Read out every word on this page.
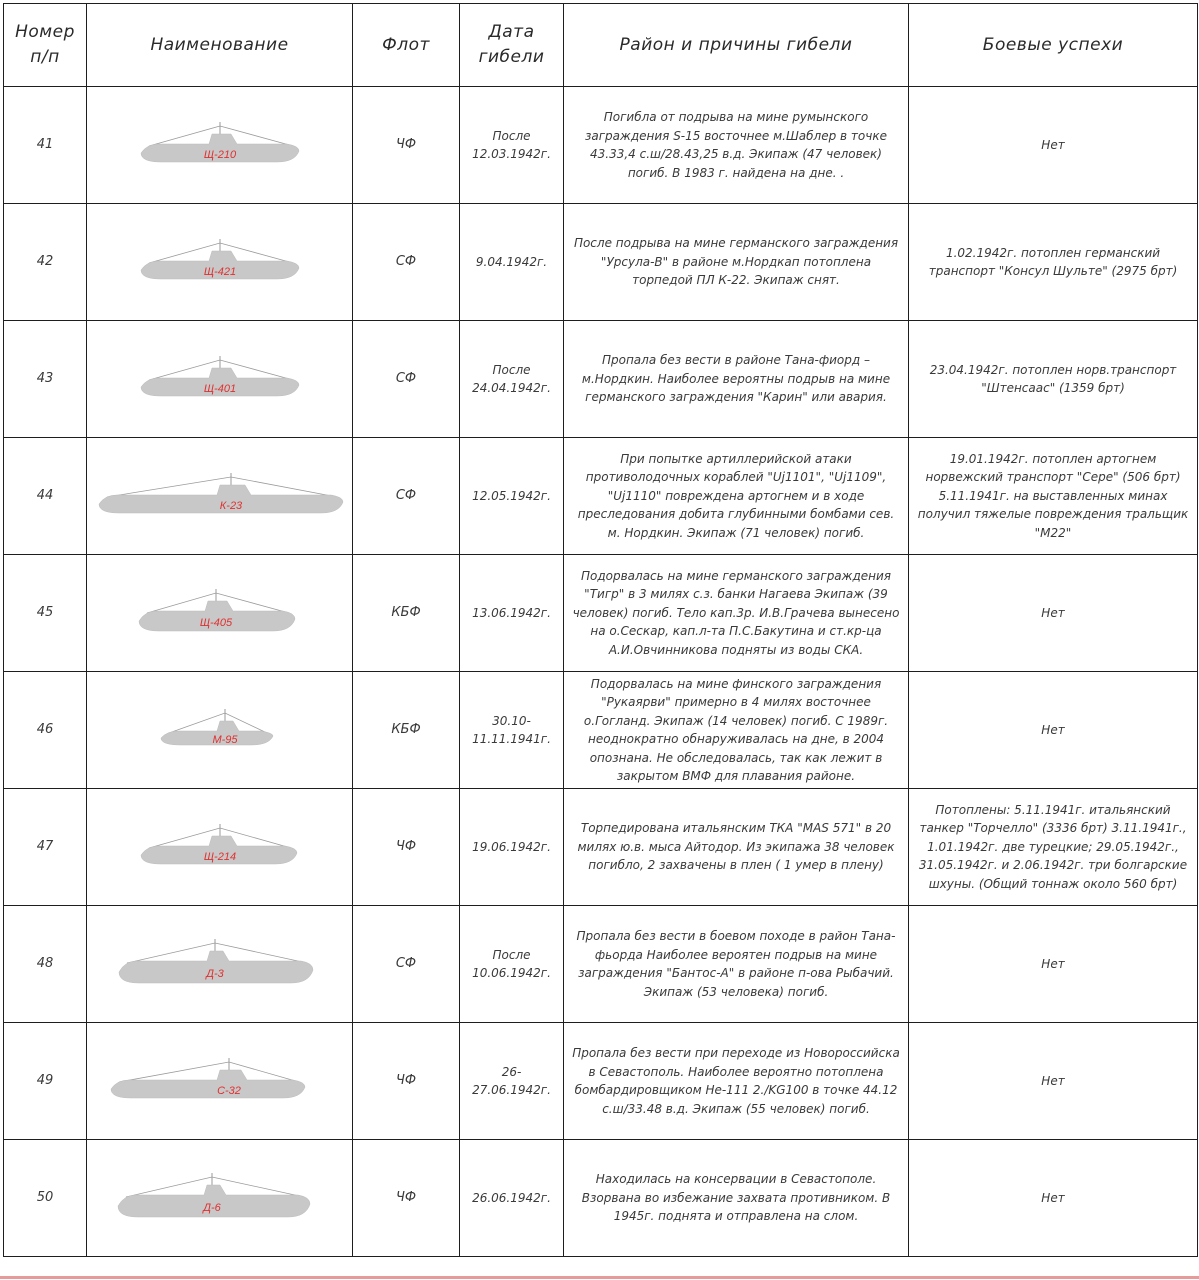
Номер п/п	Наименование	Флот	Дата гибели	Район и причины гибели	Боевые успехи
41	Щ-210	ЧФ	После 12.03.1942г.	Погибла от подрыва на мине румынского заграждения S-15 восточнее м.Шаблер в точке 43.33,4 с.ш/28.43,25 в.д. Экипаж (47 человек) погиб. В 1983 г. найдена на дне. .	Нет
42	Щ-421	СФ	9.04.1942г.	После подрыва на мине германского заграждения "Урсула-В" в районе м.Нордкап потоплена торпедой ПЛ К-22. Экипаж снят.	1.02.1942г. потоплен германский транспорт "Консул Шульте" (2975 брт)
43	Щ-401	СФ	После 24.04.1942г.	Пропала без вести в районе Тана-фиорд – м.Нордкин. Наиболее вероятны подрыв на мине германского заграждения "Карин" или авария.	23.04.1942г. потоплен норв.транспорт "Штенсаас" (1359 брт)
44	К-23	СФ	12.05.1942г.	При попытке артиллерийской атаки противолодочных кораблей "Uj1101", "Uj1109", "Uj1110" повреждена артогнем и в ходе преследования добита глубинными бомбами сев. м. Нордкин. Экипаж (71 человек) погиб.	19.01.1942г. потоплен артогнем норвежский транспорт "Сере" (506 брт) 5.11.1941г. на выставленных минах получил тяжелые повреждения тральщик "М22"
45	Щ-405	КБФ	13.06.1942г.	Подорвалась на мине германского заграждения "Тигр" в 3 милях с.з. банки Нагаева Экипаж (39 человек) погиб. Тело кап.3р. И.В.Грачева вынесено на о.Сескар, кап.л-та П.С.Бакутина и ст.кр-ца А.И.Овчинникова подняты из воды СКА.	Нет
46	М-95	КБФ	30.10-11.11.1941г.	Подорвалась на мине финского заграждения "Рукаярви" примерно в 4 милях восточнее о.Гогланд. Экипаж (14 человек) погиб. С 1989г. неоднократно обнаруживалась на дне, в 2004 опознана. Не обследовалась, так как лежит в закрытом ВМФ для плавания районе.	Нет
47	Щ-214	ЧФ	19.06.1942г.	Торпедирована итальянским ТКА "MAS 571" в 20 милях ю.в. мыса Айтодор. Из экипажа 38 человек погибло, 2 захвачены в плен ( 1 умер в плену)	Потоплены: 5.11.1941г. итальянский танкер "Торчелло" (3336 брт) 3.11.1941г., 1.01.1942г. две турецкие; 29.05.1942г., 31.05.1942г. и 2.06.1942г. три болгарские шхуны. (Общий тоннаж около 560 брт)
48	Д-3	СФ	После 10.06.1942г.	Пропала без вести в боевом походе в район Тана-фьорда Наиболее вероятен подрыв на мине заграждения "Бантос-А" в районе п-ова Рыбачий. Экипаж (53 человека) погиб.	Нет
49	С-32	ЧФ	26-27.06.1942г.	Пропала без вести при переходе из Новороссийска в Севастополь. Наиболее вероятно потоплена бомбардировщиком Не-111 2./KG100 в точке 44.12 с.ш/33.48 в.д. Экипаж (55 человек) погиб.	Нет
50	Д-6	ЧФ	26.06.1942г.	Находилась на консервации в Севастополе. Взорвана во избежание захвата противником. В 1945г. поднята и отправлена на слом.	Нет
